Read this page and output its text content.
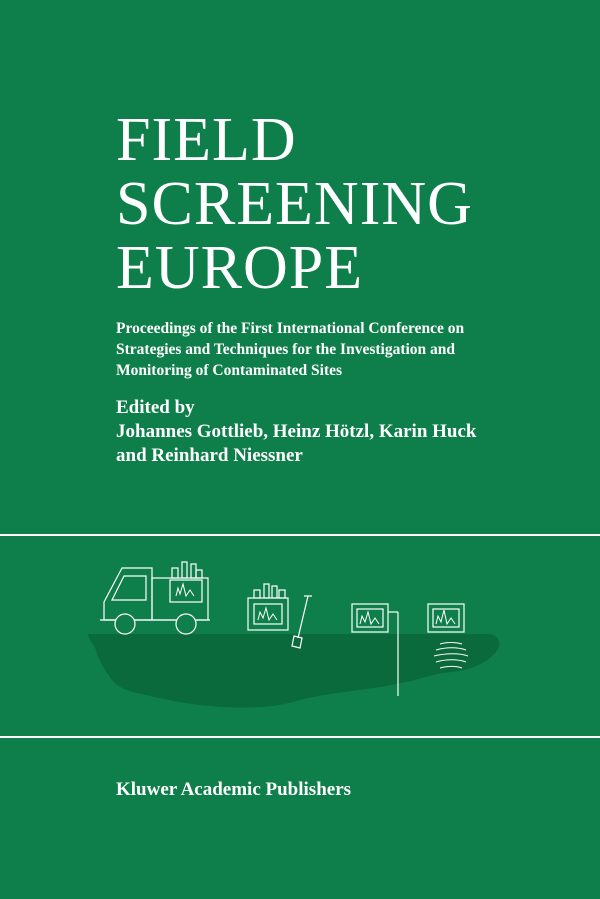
FIELD
SCREENING
EUROPE

Proceedings of the First International Conference on
Strategies and Techniques for the Investigation and
Monitoring of Contaminated Sites

Edited by
Johannes Gottlieb, Heinz Hötzl, Karin Huck
and Reinhard Niessner
Kluwer Academic Publishers
